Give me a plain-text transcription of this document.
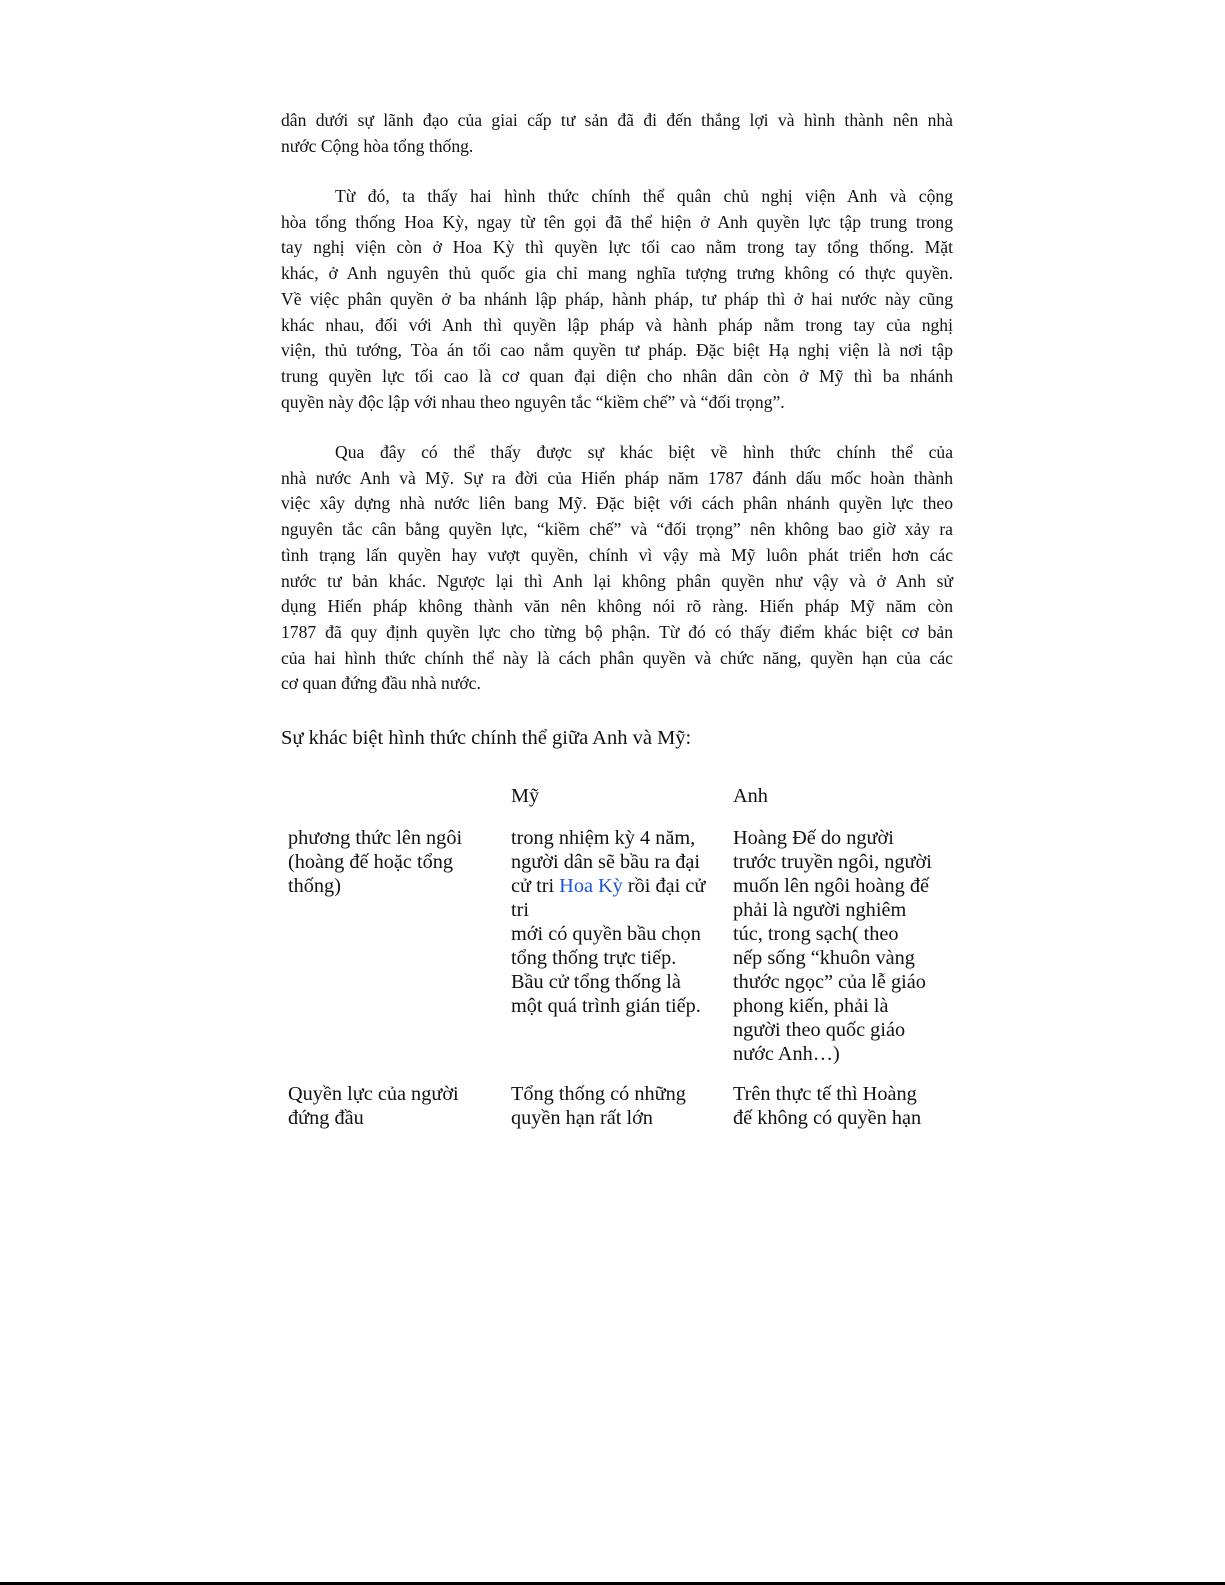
dân dưới sự lãnh đạo của giai cấp tư sản đã đi đến thắng lợi và hình thành nên nhà
nước Cộng hòa tổng thống.

Từ đó, ta thấy hai hình thức chính thể quân chủ nghị viện Anh và cộng
hòa tổng thống Hoa Kỳ, ngay từ tên gọi đã thể hiện ở Anh quyền lực tập trung trong
tay nghị viện còn ở Hoa Kỳ thì quyền lực tối cao nằm trong tay tổng thống. Mặt
khác, ở Anh nguyên thủ quốc gia chỉ mang nghĩa tượng trưng không có thực quyền.
Về việc phân quyền ở ba nhánh lập pháp, hành pháp, tư pháp thì ở hai nước này cũng
khác nhau, đối với Anh thì quyền lập pháp và hành pháp nằm trong tay của nghị
viện, thủ tướng, Tòa án tối cao nắm quyền tư pháp. Đặc biệt Hạ nghị viện là nơi tập
trung quyền lực tối cao là cơ quan đại diện cho nhân dân còn ở Mỹ thì ba nhánh
quyền này độc lập với nhau theo nguyên tắc “kiềm chế” và “đối trọng”.

Qua đây có thể thấy được sự khác biệt về hình thức chính thể của
nhà nước Anh và Mỹ. Sự ra đời của Hiến pháp năm 1787 đánh dấu mốc hoàn thành
việc xây dựng nhà nước liên bang Mỹ. Đặc biệt với cách phân nhánh quyền lực theo
nguyên tắc cân bằng quyền lực, “kiềm chế” và “đối trọng” nên không bao giờ xảy ra
tình trạng lấn quyền hay vượt quyền, chính vì vậy mà Mỹ luôn phát triển hơn các
nước tư bản khác. Ngược lại thì Anh lại không phân quyền như vậy và ở Anh sử
dụng Hiến pháp không thành văn nên không nói rõ ràng. Hiến pháp Mỹ năm còn
1787 đã quy định quyền lực cho từng bộ phận. Từ đó có thấy điểm khác biệt cơ bản
của hai hình thức chính thể này là cách phân quyền và chức năng, quyền hạn của các
cơ quan đứng đầu nhà nước.

Sự khác biệt hình thức chính thể giữa Anh và Mỹ:

Mỹ	Anh

phương thức lên ngôi
(hoàng đế hoặc tổng
thống)

trong nhiệm kỳ 4 năm,
người dân sẽ bầu ra đại
cử tri Hoa Kỳ rồi đại cử
tri
mới có quyền bầu chọn
tổng thống trực tiếp.
Bầu cử tổng thống là
một quá trình gián tiếp.

Hoàng Đế do người
trước truyền ngôi, người
muốn lên ngôi hoàng đế
phải là người nghiêm
túc, trong sạch( theo
nếp sống “khuôn vàng
thước ngọc” của lễ giáo
phong kiến, phải là
người theo quốc giáo
nước Anh…)

Quyền lực của người
đứng đầu

Tổng thống có những
quyền hạn rất lớn

Trên thực tế thì Hoàng
đế không có quyền hạn
